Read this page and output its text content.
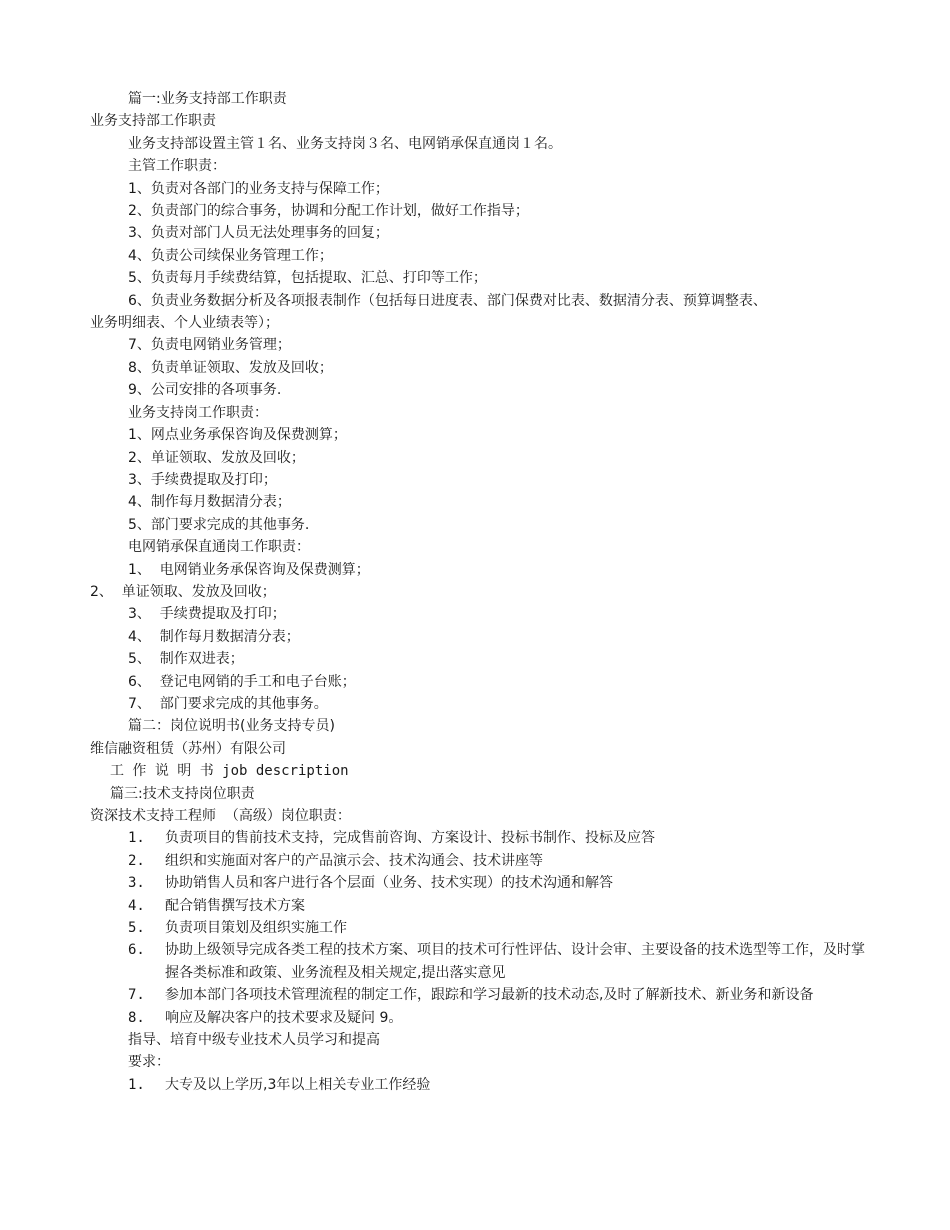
篇一:业务支持部工作职责
业务支持部工作职责
业务支持部设置主管１名、业务支持岗３名、电网销承保直通岗１名。
主管工作职责：
1、负责对各部门的业务支持与保障工作；
2、负责部门的综合事务，协调和分配工作计划，做好工作指导；
3、负责对部门人员无法处理事务的回复；
4、负责公司续保业务管理工作；
5、负责每月手续费结算，包括提取、汇总、打印等工作；
6、负责业务数据分析及各项报表制作（包括每日进度表、部门保费对比表、数据清分表、预算调整表、
业务明细表、个人业绩表等）；
7、负责电网销业务管理；
8、负责单证领取、发放及回收；
9、公司安排的各项事务.
业务支持岗工作职责：
1、网点业务承保咨询及保费测算；
2、单证领取、发放及回收；
3、手续费提取及打印；
4、制作每月数据清分表；
5、部门要求完成的其他事务.
电网销承保直通岗工作职责：
1、  电网销业务承保咨询及保费测算；
2、  单证领取、发放及回收；
3、  手续费提取及打印；
4、  制作每月数据清分表；
5、  制作双进表；
6、  登记电网销的手工和电子台账；
7、  部门要求完成的其他事务。
篇二：岗位说明书(业务支持专员)
维信融资租赁（苏州）有限公司
工 作 说 明 书 job description
篇三:技术支持岗位职责
资深技术支持工程师  （高级）岗位职责：
1.	负责项目的售前技术支持，完成售前咨询、方案设计、投标书制作、投标及应答
2.	组织和实施面对客户的产品演示会、技术沟通会、技术讲座等
3.	协助销售人员和客户进行各个层面（业务、技术实现）的技术沟通和解答
4.	配合销售撰写技术方案
5.	负责项目策划及组织实施工作
6.	协助上级领导完成各类工程的技术方案、项目的技术可行性评估、设计会审、主要设备的技术选型等工作，及时掌握各类标准和政策、业务流程及相关规定,提出落实意见
7.	参加本部门各项技术管理流程的制定工作，跟踪和学习最新的技术动态,及时了解新技术、新业务和新设备
8.	响应及解决客户的技术要求及疑问 9。
指导、培育中级专业技术人员学习和提高
要求：
1.	大专及以上学历,3年以上相关专业工作经验
